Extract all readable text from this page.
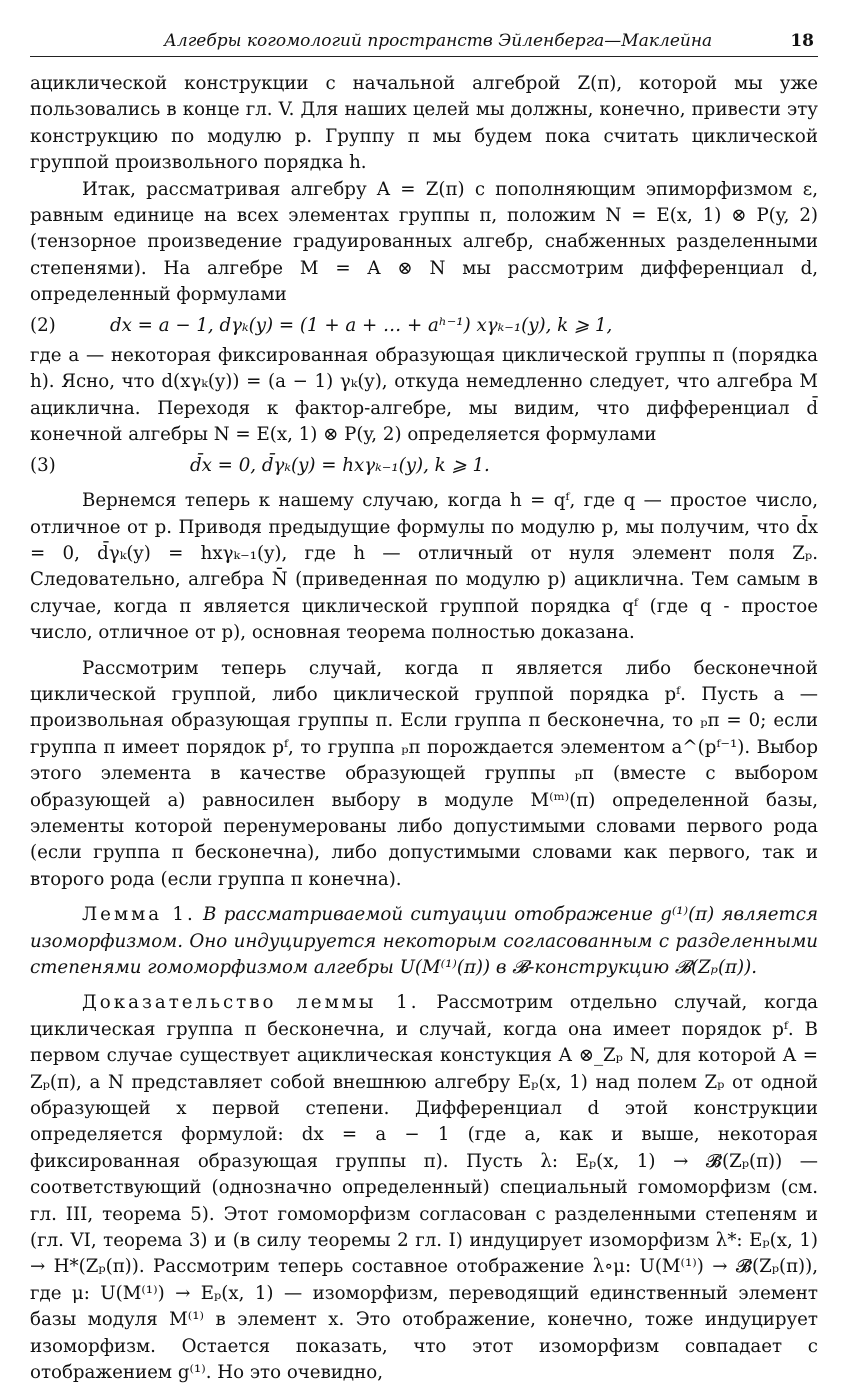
Алгебры когомологий пространств Эйленберга—Маклейна	18

ациклической конструкции с начальной алгеброй Z(π), которой мы уже пользовались в конце гл. V. Для наших целей мы должны, конечно, привести эту конструкцию по модулю p. Группу π мы будем пока считать циклической группой произвольного порядка h.

Итак, рассматривая алгебру A = Z(π) с пополняющим эпиморфизмом ε, равным единице на всех элементах группы π, положим N = E(x, 1) ⊗ P(y, 2) (тензорное произведение градуированных алгебр, снабженных разделенными степенями). На алгебре M = A ⊗ N мы рассмотрим дифференциал d, определенный формулами

(2)	dx = a − 1, dγₖ(y) = (1 + a + … + aʰ⁻¹) xγₖ₋₁(y), k ⩾ 1,

где a — некоторая фиксированная образующая циклической группы π (порядка h). Ясно, что d(xγₖ(y)) = (a − 1) γₖ(y), откуда немедленно следует, что алгебра M ацикличнa. Переходя к фактор-алгебре, мы видим, что дифференциал d̄ конечной алгебры N = E(x, 1) ⊗ P(y, 2) определяется формулами

(3)	d̄x = 0, d̄γₖ(y) = hxγₖ₋₁(y), k ⩾ 1.

Вернемся теперь к нашему случаю, когда h = qᶠ, где q — простое число, отличное от p. Приводя предыдущие формулы по модулю p, мы получим, что d̄x = 0, d̄γₖ(y) = hxγₖ₋₁(y), где h — отличный от нуля элемент поля Zₚ. Следовательно, алгебра N̄ (приведенная по модулю p) ациклична. Тем самым в случае, когда π является циклической группой порядка qᶠ (где q - простое число, отличное от p), основная теорема полностью доказана.

Рассмотрим теперь случай, когда π является либо бесконечной циклической группой, либо циклической группой порядка pᶠ. Пусть a — произвольная образующая группы π. Если группа π бесконечна, то ₚπ = 0; если группа π имеет порядок pᶠ, то группа ₚπ порождается элементом a^(pᶠ⁻¹). Выбор этого элемента в качестве образующей группы ₚπ (вместе с выбором образующей a) равносилен выбору в модуле M⁽ᵐ⁾(π) определенной базы, элементы которой перенумерованы либо допустимыми словами первого рода (если группа π бесконечна), либо допустимыми словами как первого, так и второго рода (если группа π конечна).

Лемма 1. В рассматриваемой ситуации отображение g⁽¹⁾(π) является изоморфизмом. Оно индуцируется некоторым согласованным с разделенными степенями гомоморфизмом алгебры U(M⁽¹⁾(π)) в 𝓑-конструкцию 𝓑(Zₚ(π)).

Доказательство леммы 1. Рассмотрим отдельно случай, когда циклическая группа π бесконечна, и случай, когда она имеет порядок pᶠ. В первом случае существует ациклическая констукция A ⊗_Zₚ N, для которой A = Zₚ(π), а N представляет собой внешнюю алгебру Eₚ(x, 1) над полем Zₚ от одной образующей x первой степени. Дифференциал d этой конструкции определяется формулой: dx = a − 1 (где a, как и выше, некоторая фиксированная образующая группы π). Пусть λ: Eₚ(x, 1) → 𝓑̄(Zₚ(π)) — соответствующий (однозначно определенный) специальный гомоморфизм (см. гл. III, теорема 5). Этот гомоморфизм согласован с разделенными степеням и (гл. VI, теорема 3) и (в силу теоремы 2 гл. I) индуцирует изоморфизм λ*: Eₚ(x, 1) → H*(Zₚ(π)). Рассмотрим теперь составное отображение λ∘μ: U(M⁽¹⁾) → 𝓑̄(Zₚ(π)), где μ: U(M⁽¹⁾) → Eₚ(x, 1) — изоморфизм, переводящий единственный элемент базы модуля M⁽¹⁾ в элемент x. Это отображение, конечно, тоже индуцирует изоморфизм. Остается показать, что этот изоморфизм совпадает с отображением g⁽¹⁾. Но это очевидно,
